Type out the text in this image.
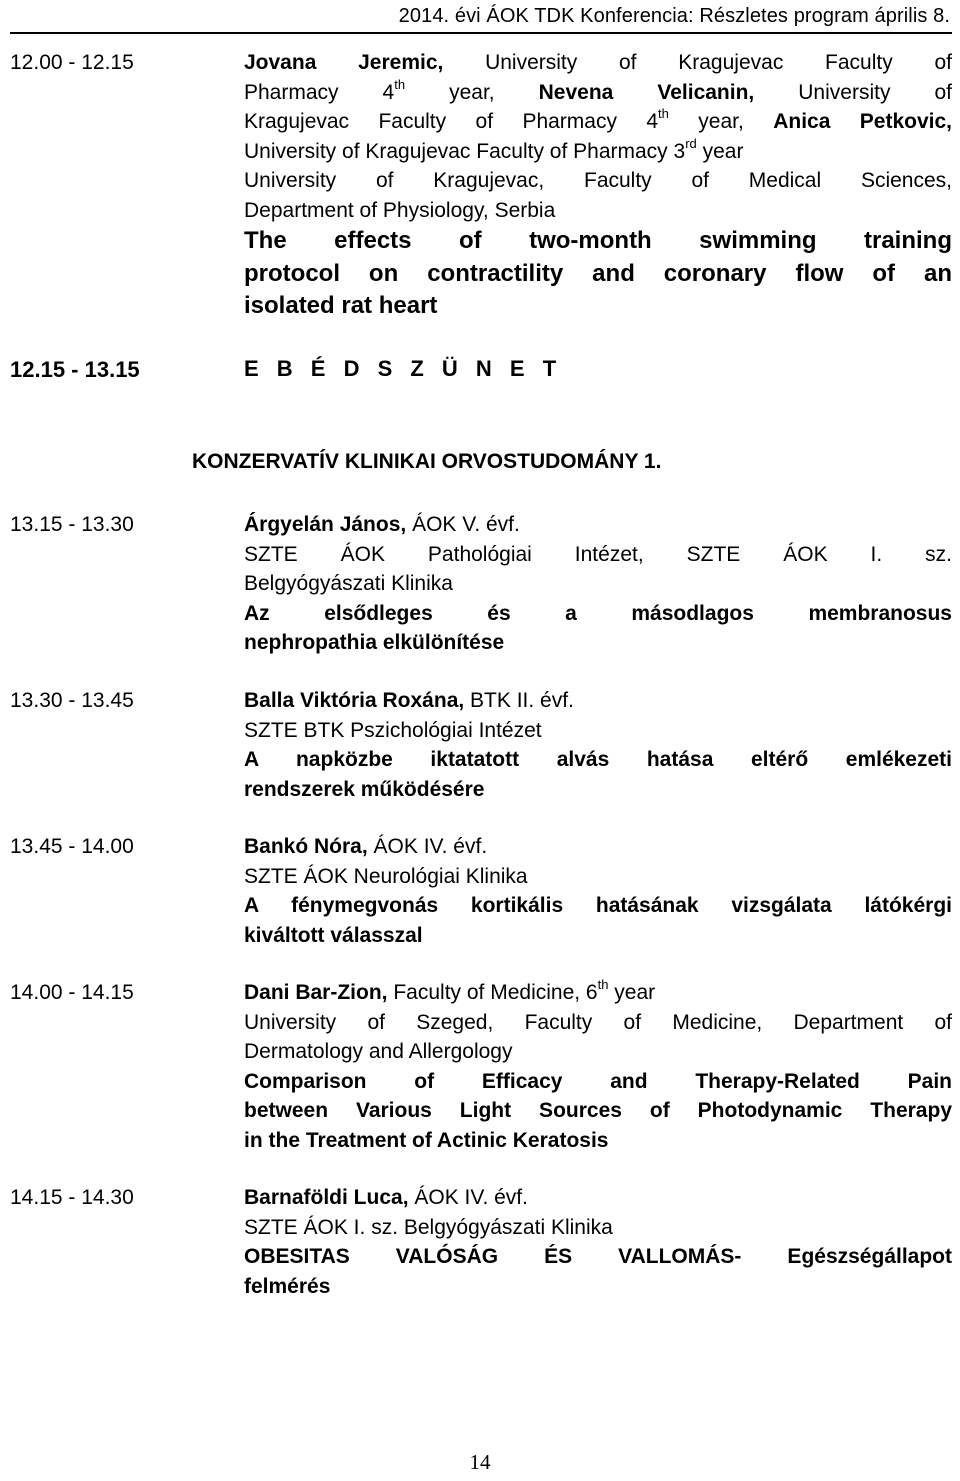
2014. évi ÁOK TDK Konferencia: Részletes program április 8.
12.00 - 12.15	Jovana Jeremic, University of Kragujevac Faculty of
Pharmacy 4th year, Nevena Velicanin, University of
Kragujevac Faculty of Pharmacy 4th year, Anica Petkovic,
University of Kragujevac Faculty of Pharmacy 3rd year
University of Kragujevac, Faculty of Medical Sciences,
Department of Physiology, Serbia
The effects of two-month swimming training
protocol on contractility and coronary flow of an
isolated rat heart
12.15 - 13.15	E B É D S Z Ü N E T
KONZERVATÍV KLINIKAI ORVOSTUDOMÁNY 1.
13.15 - 13.30	Árgyelán János, ÁOK V. évf.
SZTE ÁOK Pathológiai Intézet, SZTE ÁOK I. sz.
Belgyógyászati Klinika
Az elsődleges és a másodlagos membranosus
nephropathia elkülönítése
13.30 - 13.45	Balla Viktória Roxána, BTK II. évf.
SZTE BTK Pszichológiai Intézet
A napközbe iktatatott alvás hatása eltérő emlékezeti
rendszerek működésére
13.45 - 14.00	Bankó Nóra, ÁOK IV. évf.
SZTE ÁOK Neurológiai Klinika
A fénymegvonás kortikális hatásának vizsgálata látókérgi
kiváltott válasszal
14.00 - 14.15	Dani Bar-Zion, Faculty of Medicine, 6th year
University of Szeged, Faculty of Medicine, Department of
Dermatology and Allergology
Comparison of Efficacy and Therapy-Related Pain
between Various Light Sources of Photodynamic Therapy
in the Treatment of Actinic Keratosis
14.15 - 14.30	Barnaföldi Luca, ÁOK IV. évf.
SZTE ÁOK I. sz. Belgyógyászati Klinika
OBESITAS VALÓSÁG ÉS VALLOMÁS- Egészségállapot
felmérés
14
